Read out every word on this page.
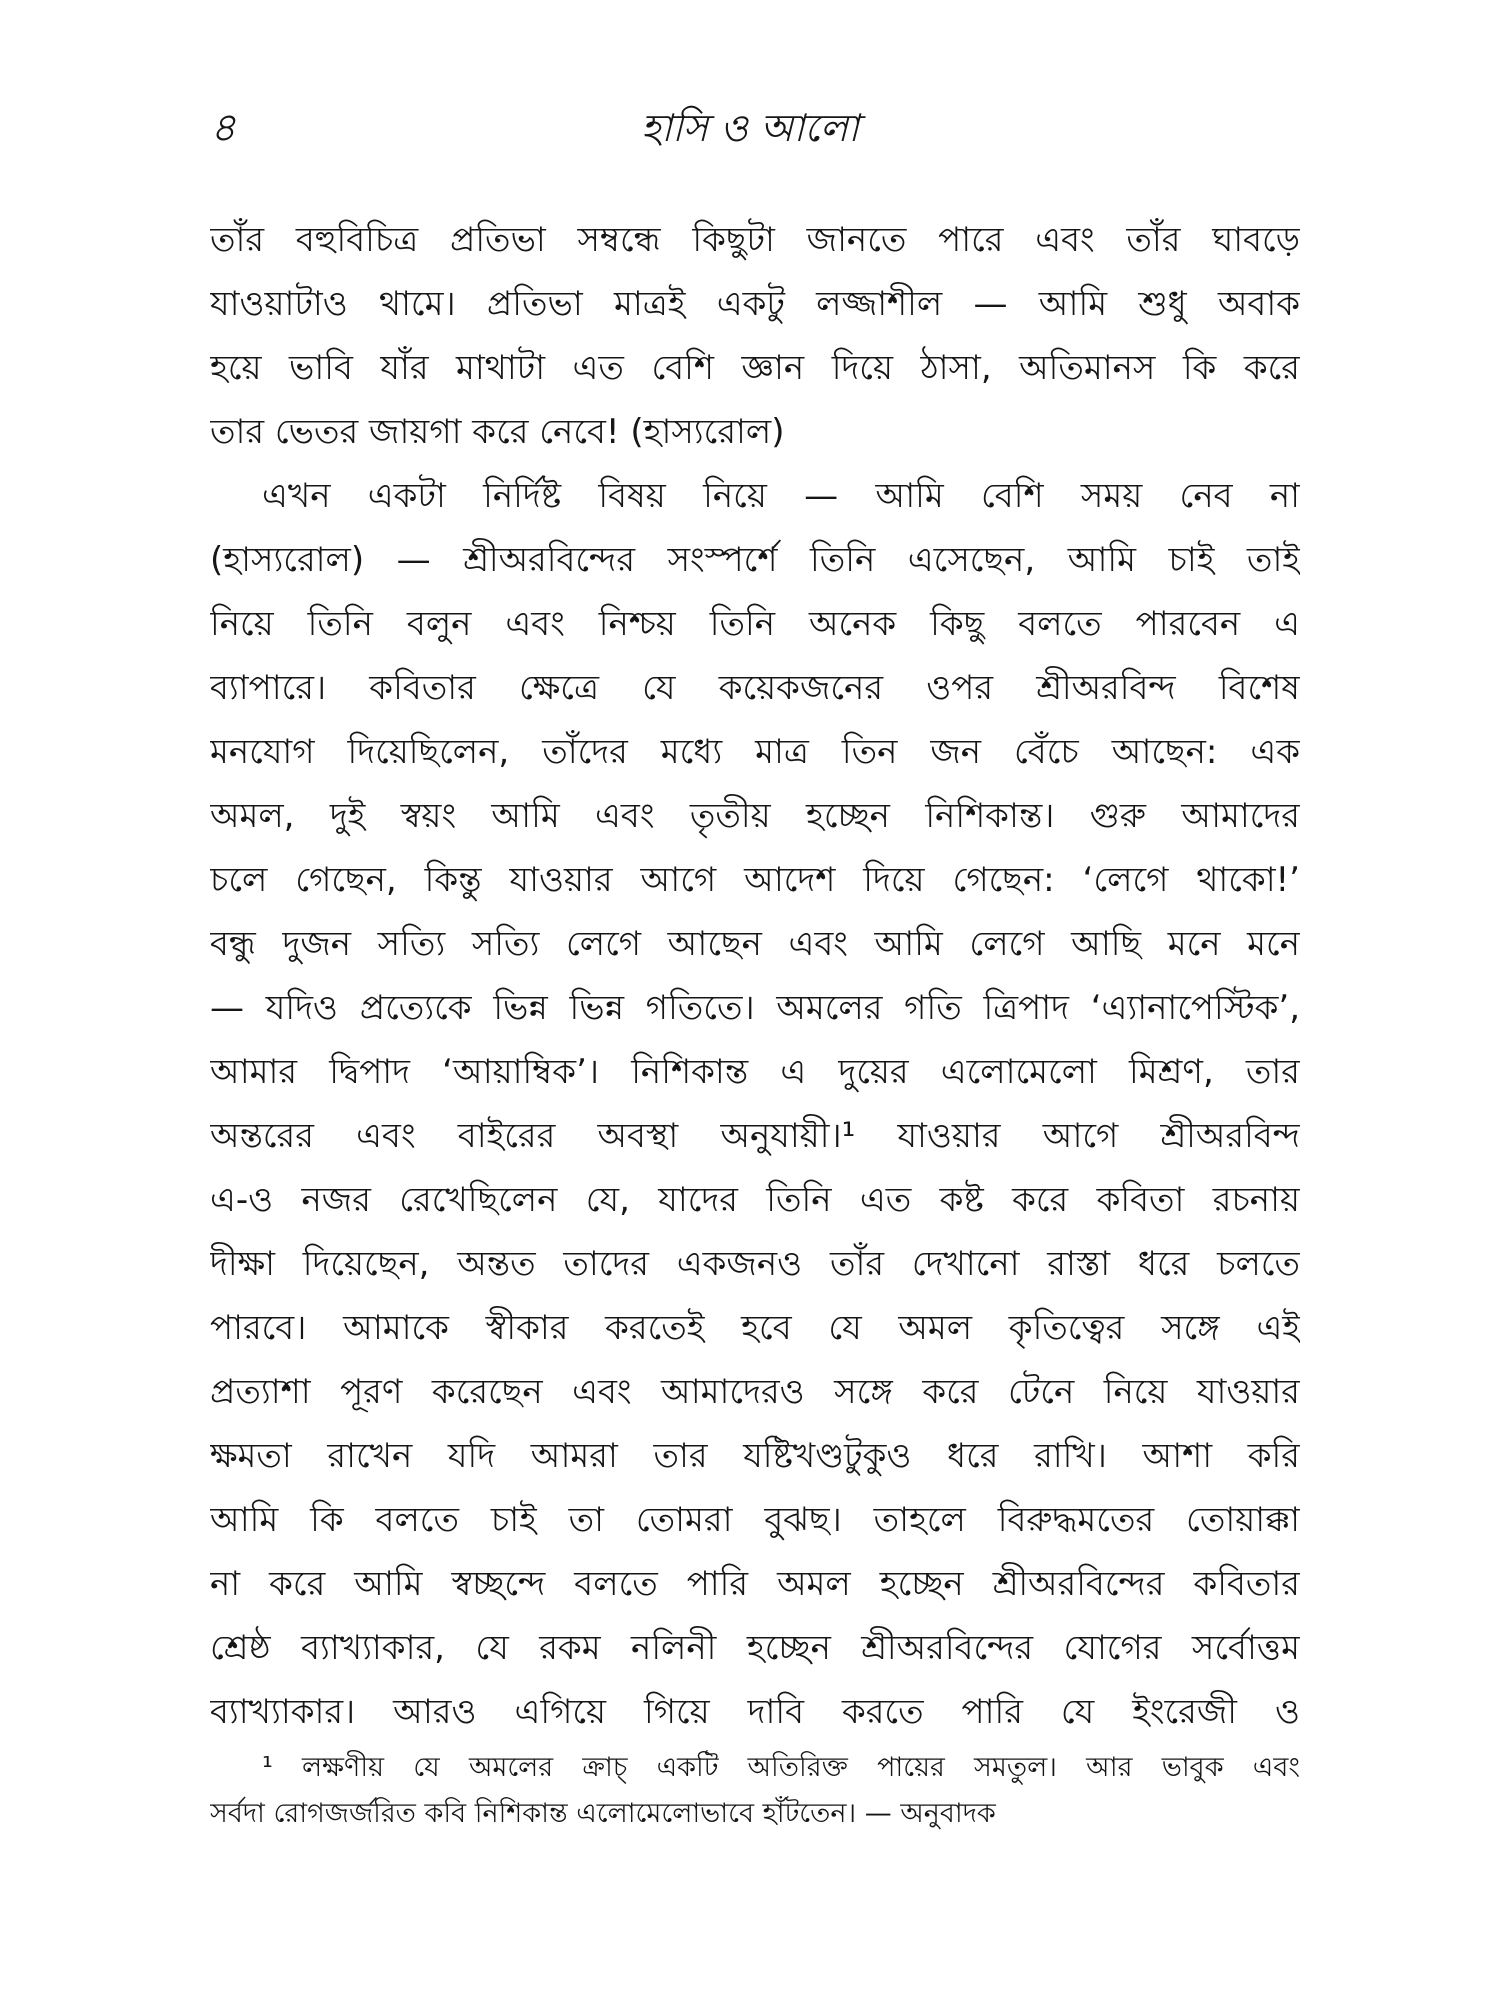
৪	হাসি ও আলো
তাঁর বহুবিচিত্র প্রতিভা সম্বন্ধে কিছুটা জানতে পারে এবং তাঁর ঘাবড়ে
যাওয়াটাও থামে। প্রতিভা মাত্রই একটু লজ্জাশীল — আমি শুধু অবাক
হয়ে ভাবি যাঁর মাথাটা এত বেশি জ্ঞান দিয়ে ঠাসা, অতিমানস কি করে
তার ভেতর জায়গা করে নেবে! (হাস্যরোল)
এখন একটা নির্দিষ্ট বিষয় নিয়ে — আমি বেশি সময় নেব না
(হাস্যরোল) — শ্রীঅরবিন্দের সংস্পর্শে তিনি এসেছেন, আমি চাই তাই
নিয়ে তিনি বলুন এবং নিশ্চয় তিনি অনেক কিছু বলতে পারবেন এ
ব্যাপারে। কবিতার ক্ষেত্রে যে কয়েকজনের ওপর শ্রীঅরবিন্দ বিশেষ
মনযোগ দিয়েছিলেন, তাঁদের মধ্যে মাত্র তিন জন বেঁচে আছেন: এক
অমল, দুই স্বয়ং আমি এবং তৃতীয় হচ্ছেন নিশিকান্ত। গুরু আমাদের
চলে গেছেন, কিন্তু যাওয়ার আগে আদেশ দিয়ে গেছেন: ‘লেগে থাকো!’
বন্ধু দুজন সত্যি সত্যি লেগে আছেন এবং আমি লেগে আছি মনে মনে
— যদিও প্রত্যেকে ভিন্ন ভিন্ন গতিতে। অমলের গতি ত্রিপাদ ‘এ্যানাপেস্টিক’,
আমার দ্বিপাদ ‘আয়াম্বিক’। নিশিকান্ত এ দুয়ের এলোমেলো মিশ্রণ, তার
অন্তরের এবং বাইরের অবস্থা অনুযায়ী।¹ যাওয়ার আগে শ্রীঅরবিন্দ
এ-ও নজর রেখেছিলেন যে, যাদের তিনি এত কষ্ট করে কবিতা রচনায়
দীক্ষা দিয়েছেন, অন্তত তাদের একজনও তাঁর দেখানো রাস্তা ধরে চলতে
পারবে। আমাকে স্বীকার করতেই হবে যে অমল কৃতিত্বের সঙ্গে এই
প্রত্যাশা পূরণ করেছেন এবং আমাদেরও সঙ্গে করে টেনে নিয়ে যাওয়ার
ক্ষমতা রাখেন যদি আমরা তার যষ্টিখণ্ডটুকুও ধরে রাখি। আশা করি
আমি কি বলতে চাই তা তোমরা বুঝছ। তাহলে বিরুদ্ধমতের তোয়াক্কা
না করে আমি স্বচ্ছন্দে বলতে পারি অমল হচ্ছেন শ্রীঅরবিন্দের কবিতার
শ্রেষ্ঠ ব্যাখ্যাকার, যে রকম নলিনী হচ্ছেন শ্রীঅরবিন্দের যোগের সর্বোত্তম
ব্যাখ্যাকার। আরও এগিয়ে গিয়ে দাবি করতে পারি যে ইংরেজী ও
¹ লক্ষণীয় যে অমলের ক্রাচ্ একটি অতিরিক্ত পায়ের সমতুল। আর ভাবুক এবং
সর্বদা রোগজর্জরিত কবি নিশিকান্ত এলোমেলোভাবে হাঁটতেন। — অনুবাদক
